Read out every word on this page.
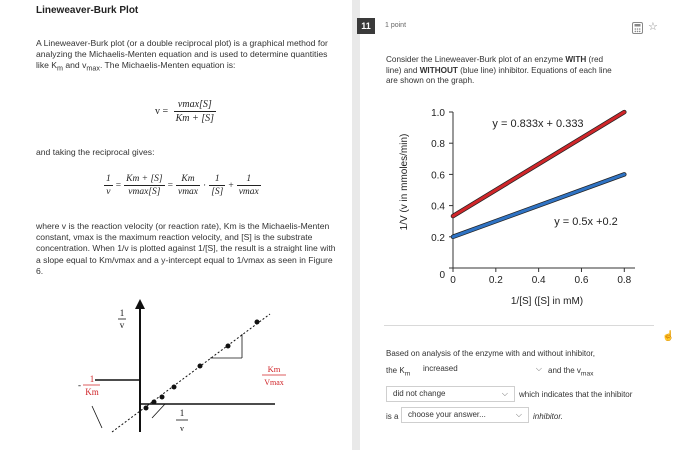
Lineweaver-Burk Plot
A Lineweaver-Burk plot (or a double reciprocal plot) is a graphical method for analyzing the Michaelis-Menten equation and is used to determine quantities like $K_m$ and $v_{max}$. The Michaelis-Menten equation is:
$v = \frac{vmax[S]}{Km + [S]}$
and taking the reciprocal gives:
$\frac{1}{v} = \frac{Km + [S]}{vmax[S]} = \frac{Km}{vmax} \cdot \frac{1}{[S]} + \frac{1}{vmax}$
where v is the reaction velocity (or reaction rate), Km is the Michaelis-Menten constant, vmax is the maximum reaction velocity, and [S] is the substrate concentration. When 1/v is plotted against 1/[S], the result is a straight line with a slope equal to Km/vmax and a y-intercept equal to 1/vmax as seen in Figure 6.
1
v
1
Km
-
1
v
Km
Vmax
11	1 point	☆
Consider the Lineweaver-Burk plot of an enzyme WITH (red
line) and WITHOUT (blue line) inhibitor. Equations of each line
are shown on the graph.
1/V (v in mmoles/min)
0
0.2
0.4
0.6
0.8
1.0
0	0.2	0.4	0.6	0.8
y = 0.833x + 0.333
y = 0.5x +0.2
1/[S] ([S] in mM)
☝
Based on analysis of the enzyme with and without inhibitor,
the $K_m$
increased	⌵ and the $v_{max}$
did not change	⌵ which indicates that the inhibitor
is a	choose your answer...	⌵ inhibitor.
